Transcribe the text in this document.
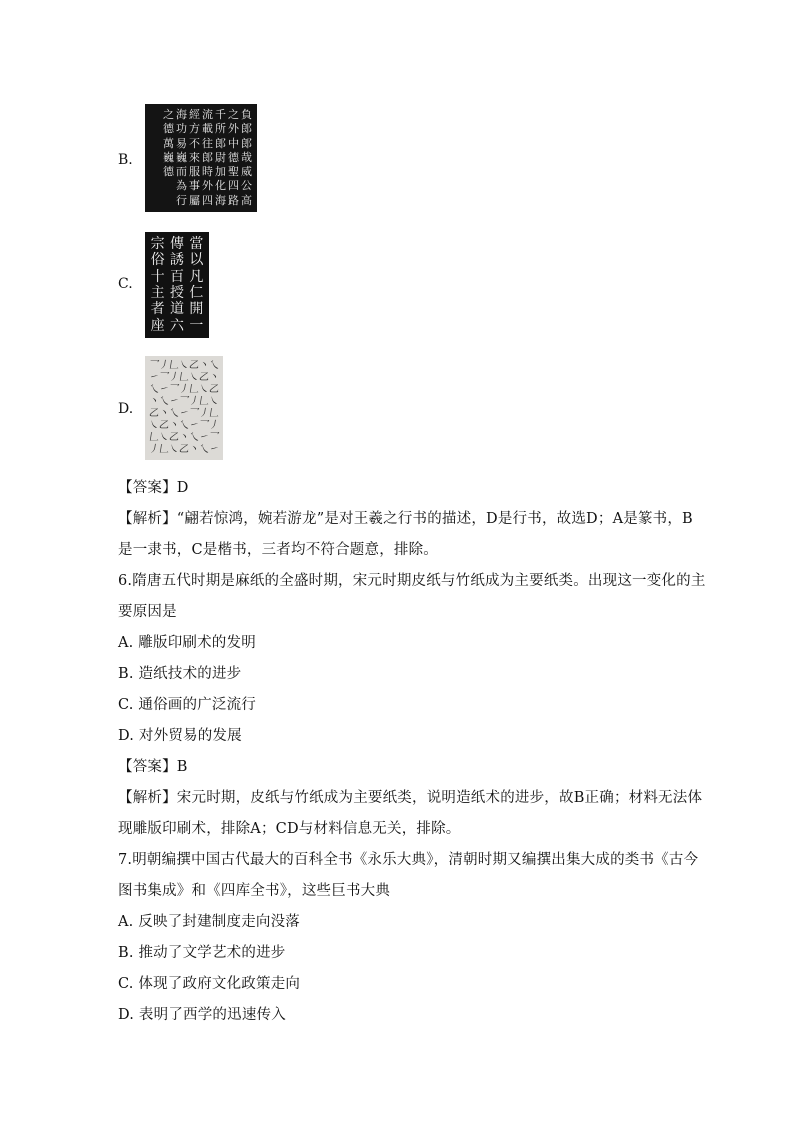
B.
之 海 經 流 千 之 負
德 功 方 載 所 外 郎
萬 易 不 往 郎 中 郎
巍 巍 來 郎 尉 德 哉
德 而 服 時 加 聖 威
為 事 外 化 四 公
行 屬 四 海 路 高
C.
宗 傳 當
俗 誘 以
十 百 凡
主 授 仁
者 道 開
座 六 一
D.
乛
丿
𠃊
㇏
乙
丶
乀
㇀
乛
丿
𠃊
㇏
乙
丶
乀
㇀
乛
丿
𠃊
㇏
乙
丶
乀
㇀
乛
丿
𠃊
㇏
乙
丶
乀
㇀
乛
丿
𠃊
㇏
乙
丶
乀
㇀
乛
丿
𠃊
㇏
乙
丶
乀
㇀
乛
丿
𠃊
㇏
乙
丶
乀
㇀

【答案】D

【解析】“翩若惊鸿，婉若游龙”是对王羲之行书的描述，D是行书，故选D；A是篆书，B

是一隶书，C是楷书，三者均不符合题意，排除。

6.隋唐五代时期是麻纸的全盛时期，宋元时期皮纸与竹纸成为主要纸类。出现这一变化的主

要原因是

A. 雕版印刷术的发明

B. 造纸技术的进步

C. 通俗画的广泛流行

D. 对外贸易的发展

【答案】B

【解析】宋元时期，皮纸与竹纸成为主要纸类，说明造纸术的进步，故B正确；材料无法体

现雕版印刷术，排除A；CD与材料信息无关，排除。

7.明朝编撰中国古代最大的百科全书《永乐大典》，清朝时期又编撰出集大成的类书《古今

图书集成》和《四库全书》，这些巨书大典

A. 反映了封建制度走向没落

B. 推动了文学艺术的进步

C. 体现了政府文化政策走向

D. 表明了西学的迅速传入
